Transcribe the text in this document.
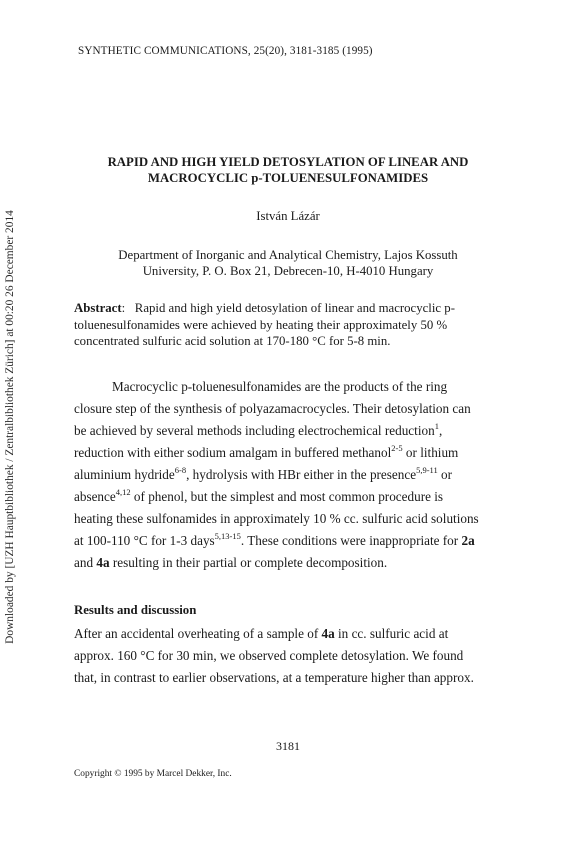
Downloaded by [UZH Hauptbibliothek / Zentralbibliothek Zürich] at 00:20 26 December 2014
SYNTHETIC COMMUNICATIONS, 25(20), 3181-3185 (1995)
RAPID AND HIGH YIELD DETOSYLATION OF LINEAR AND
MACROCYCLIC p-TOLUENESULFONAMIDES
István Lázár
Department of Inorganic and Analytical Chemistry, Lajos Kossuth
University, P. O. Box 21, Debrecen-10, H-4010 Hungary
Abstract:   Rapid and high yield detosylation of linear and macrocyclic p-
toluenesulfonamides were achieved by heating their approximately 50 %
concentrated sulfuric acid solution at 170-180 °C for 5-8 min.
Macrocyclic p-toluenesulfonamides are the products of the ring
closure step of the synthesis of polyazamacrocycles. Their detosylation can
be achieved by several methods including electrochemical reduction$^1$,
reduction with either sodium amalgam in buffered methanol$^{2-5}$ or lithium
aluminium hydride$^{6-8}$, hydrolysis with HBr either in the presence$^{5,9-11}$ or
absence$^{4,12}$ of phenol, but the simplest and most common procedure is
heating these sulfonamides in approximately 10 % cc. sulfuric acid solutions
at 100-110 °C for 1-3 days$^{5,13-15}$. These conditions were inappropriate for 2a
and 4a resulting in their partial or complete decomposition.
Results and discussion
After an accidental overheating of a sample of 4a in cc. sulfuric acid at
approx. 160 °C for 30 min, we observed complete detosylation. We found
that, in contrast to earlier observations, at a temperature higher than approx.
3181
Copyright © 1995 by Marcel Dekker, Inc.
